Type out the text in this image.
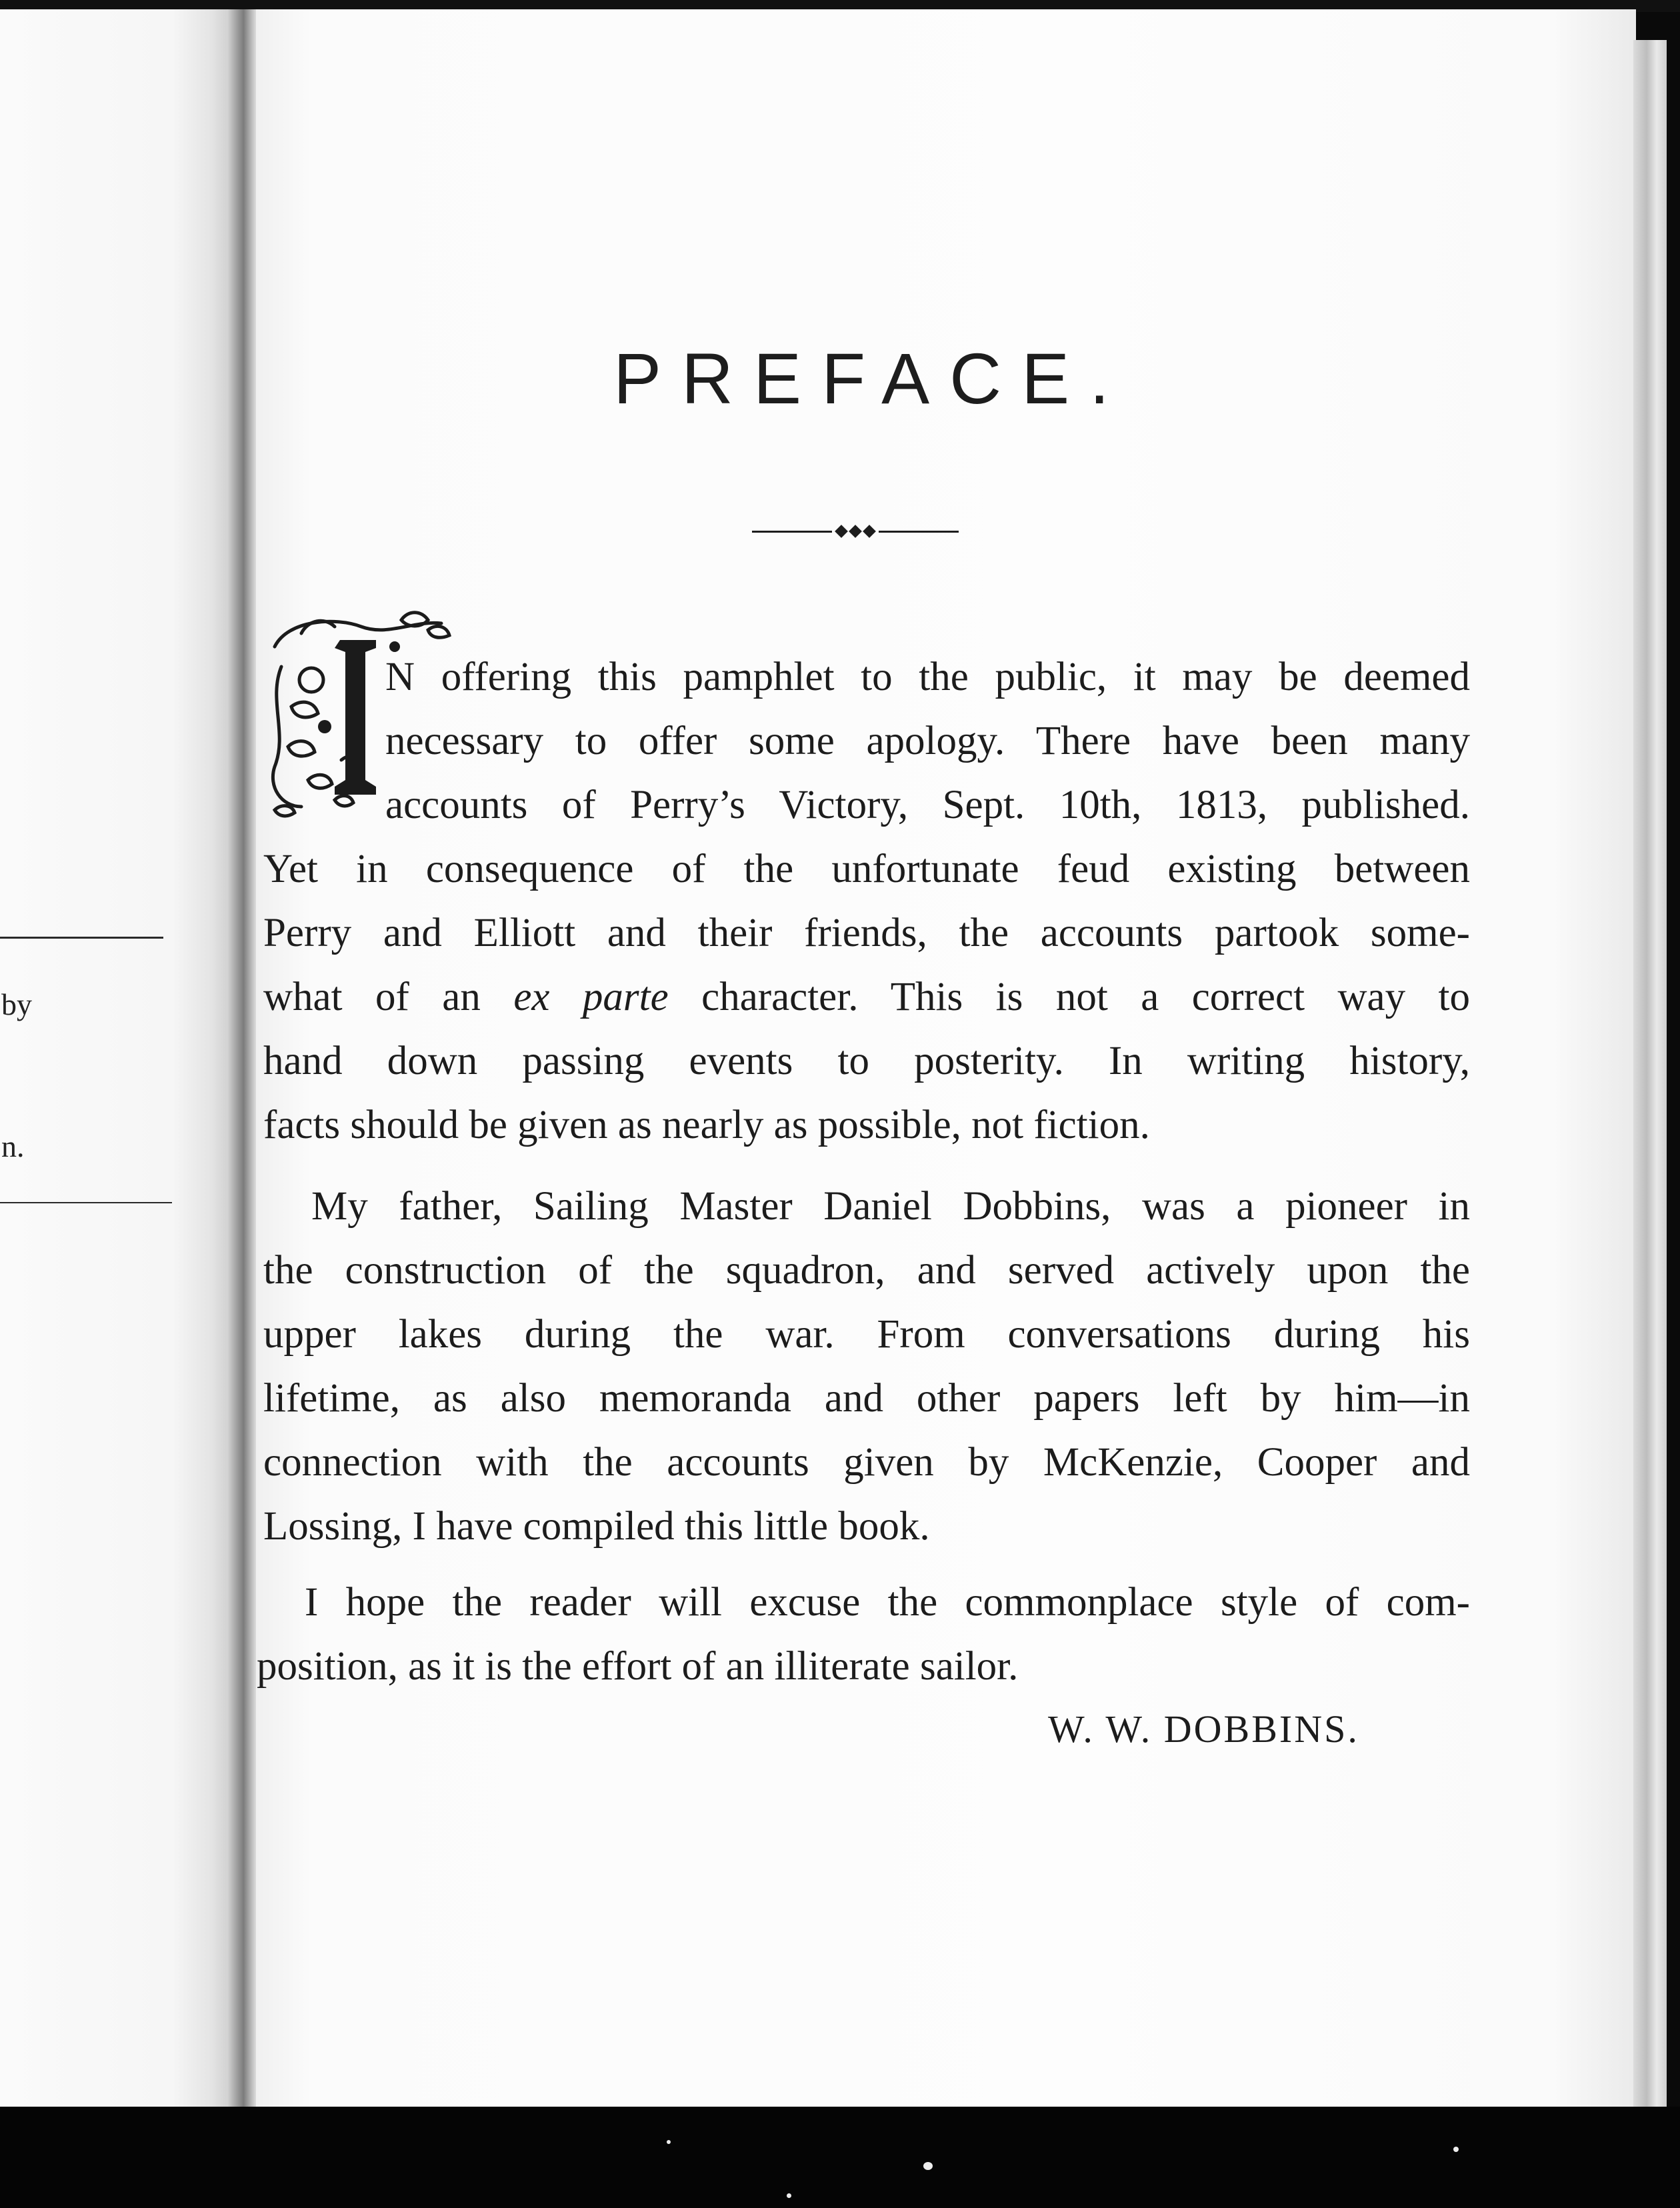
by
n.
PREFACE.
I
N offering this pamphlet to the public, it may be deemed
necessary to offer some apology. There have been many
accounts of Perry’s Victory, Sept. 10th, 1813, published.
Yet in consequence of the unfortunate feud existing between
Perry and Elliott and their friends, the accounts partook some-
what of an ex parte character. This is not a correct way to
hand down passing events to posterity. In writing history,
facts should be given as nearly as possible, not fiction.
My father, Sailing Master Daniel Dobbins, was a pioneer in
the construction of the squadron, and served actively upon the
upper lakes during the war. From conversations during his
lifetime, as also memoranda and other papers left by him—in
connection with the accounts given by McKenzie, Cooper and
Lossing, I have compiled this little book.
I hope the reader will excuse the commonplace style of com-
position, as it is the effort of an illiterate sailor.
W. W. DOBBINS.
